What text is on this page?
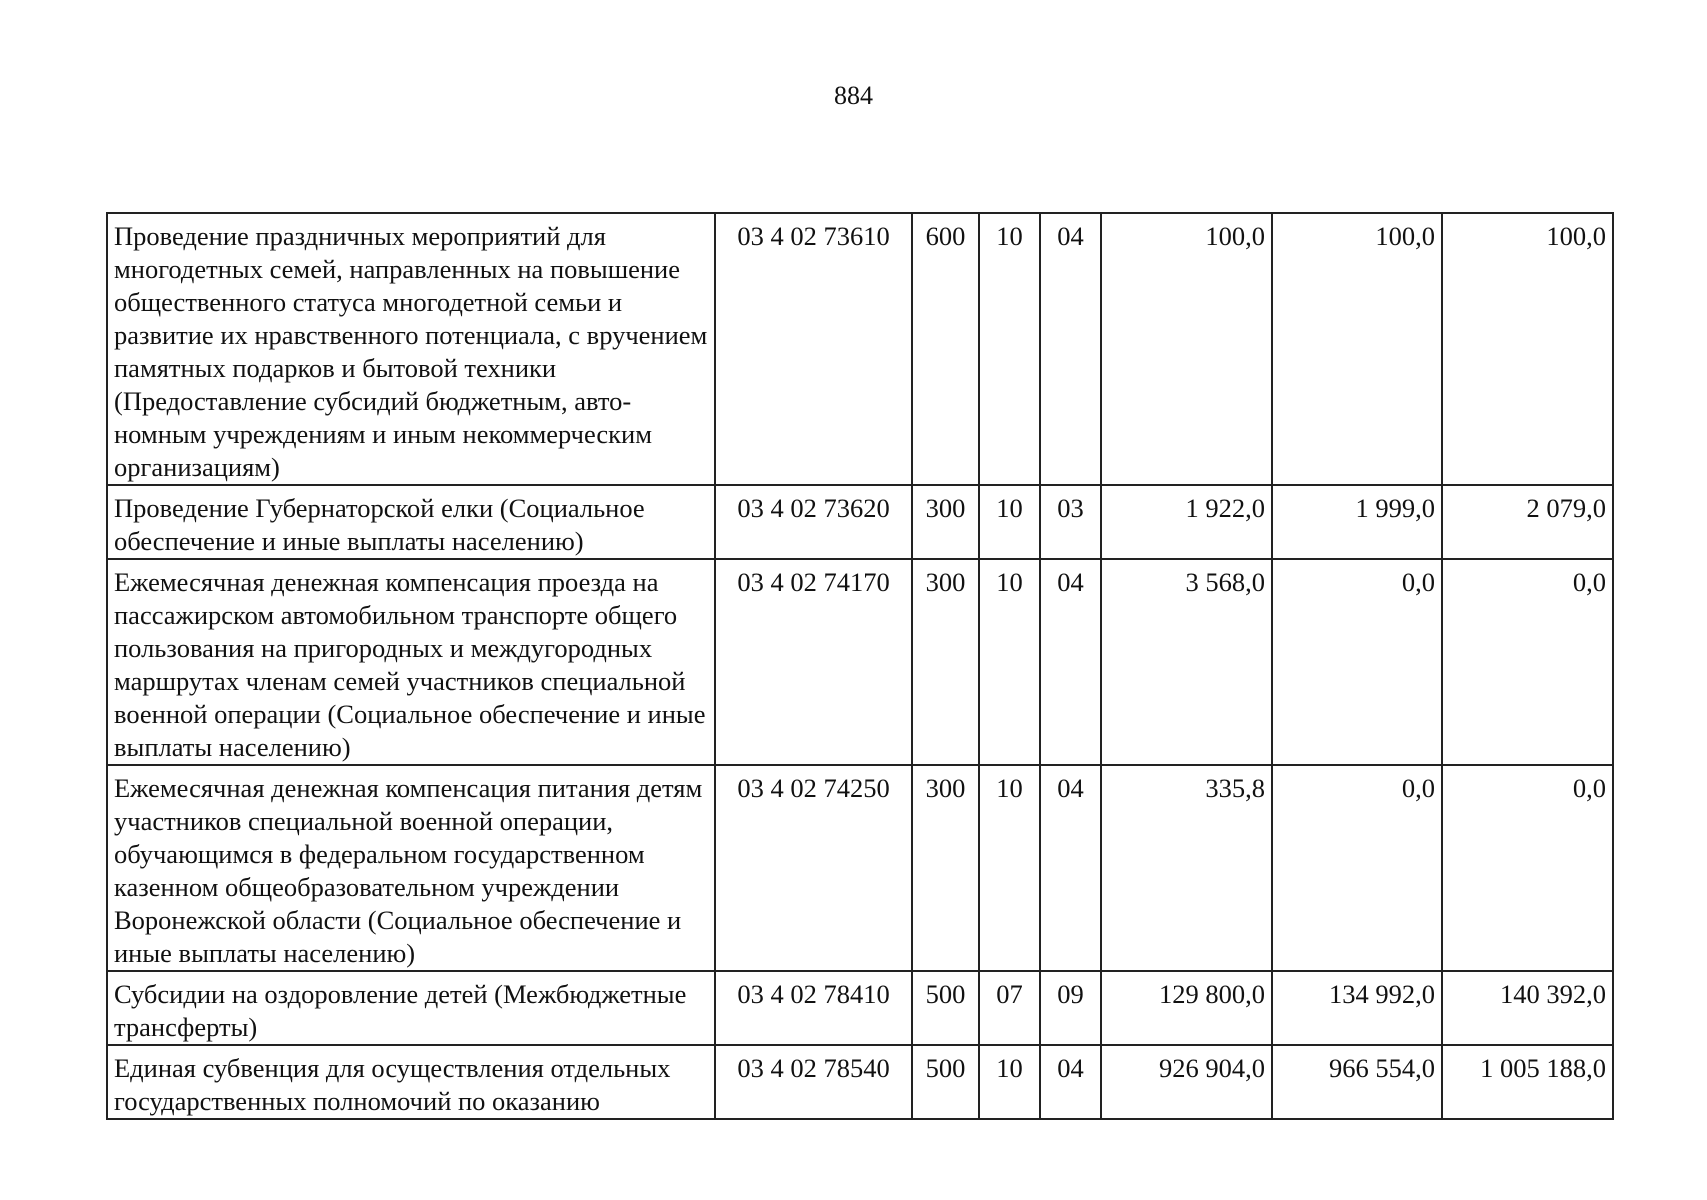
884
Проведение праздничных мероприятий для многодетных семей, направленных на повышение общественного статуса многодетной семьи и развитие их нравственного потенциала, с вручением памятных подарков и бытовой техники (Предоставление субсидий бюджетным, автономным учреждениям и иным некоммерческим организациям)	03 4 02 73610	600	10	04	100,0	100,0	100,0
Проведение Губернаторской елки (Социальное обеспечение и иные выплаты населению)	03 4 02 73620	300	10	03	1 922,0	1 999,0	2 079,0
Ежемесячная денежная компенсация проезда на пассажирском автомобильном транспорте общего пользования на пригородных и междугородных маршрутах членам семей участников специальной военной операции (Социальное обеспечение и иные выплаты населению)	03 4 02 74170	300	10	04	3 568,0	0,0	0,0
Ежемесячная денежная компенсация питания детям участников специальной военной операции, обучающимся в федеральном государственном казенном общеобразовательном учреждении Воронежской области (Социальное обеспечение и иные выплаты населению)	03 4 02 74250	300	10	04	335,8	0,0	0,0
Субсидии на оздоровление детей (Межбюджетные трансферты)	03 4 02 78410	500	07	09	129 800,0	134 992,0	140 392,0
Единая субвенция для осуществления отдельных государственных полномочий по оказанию	03 4 02 78540	500	10	04	926 904,0	966 554,0	1 005 188,0
